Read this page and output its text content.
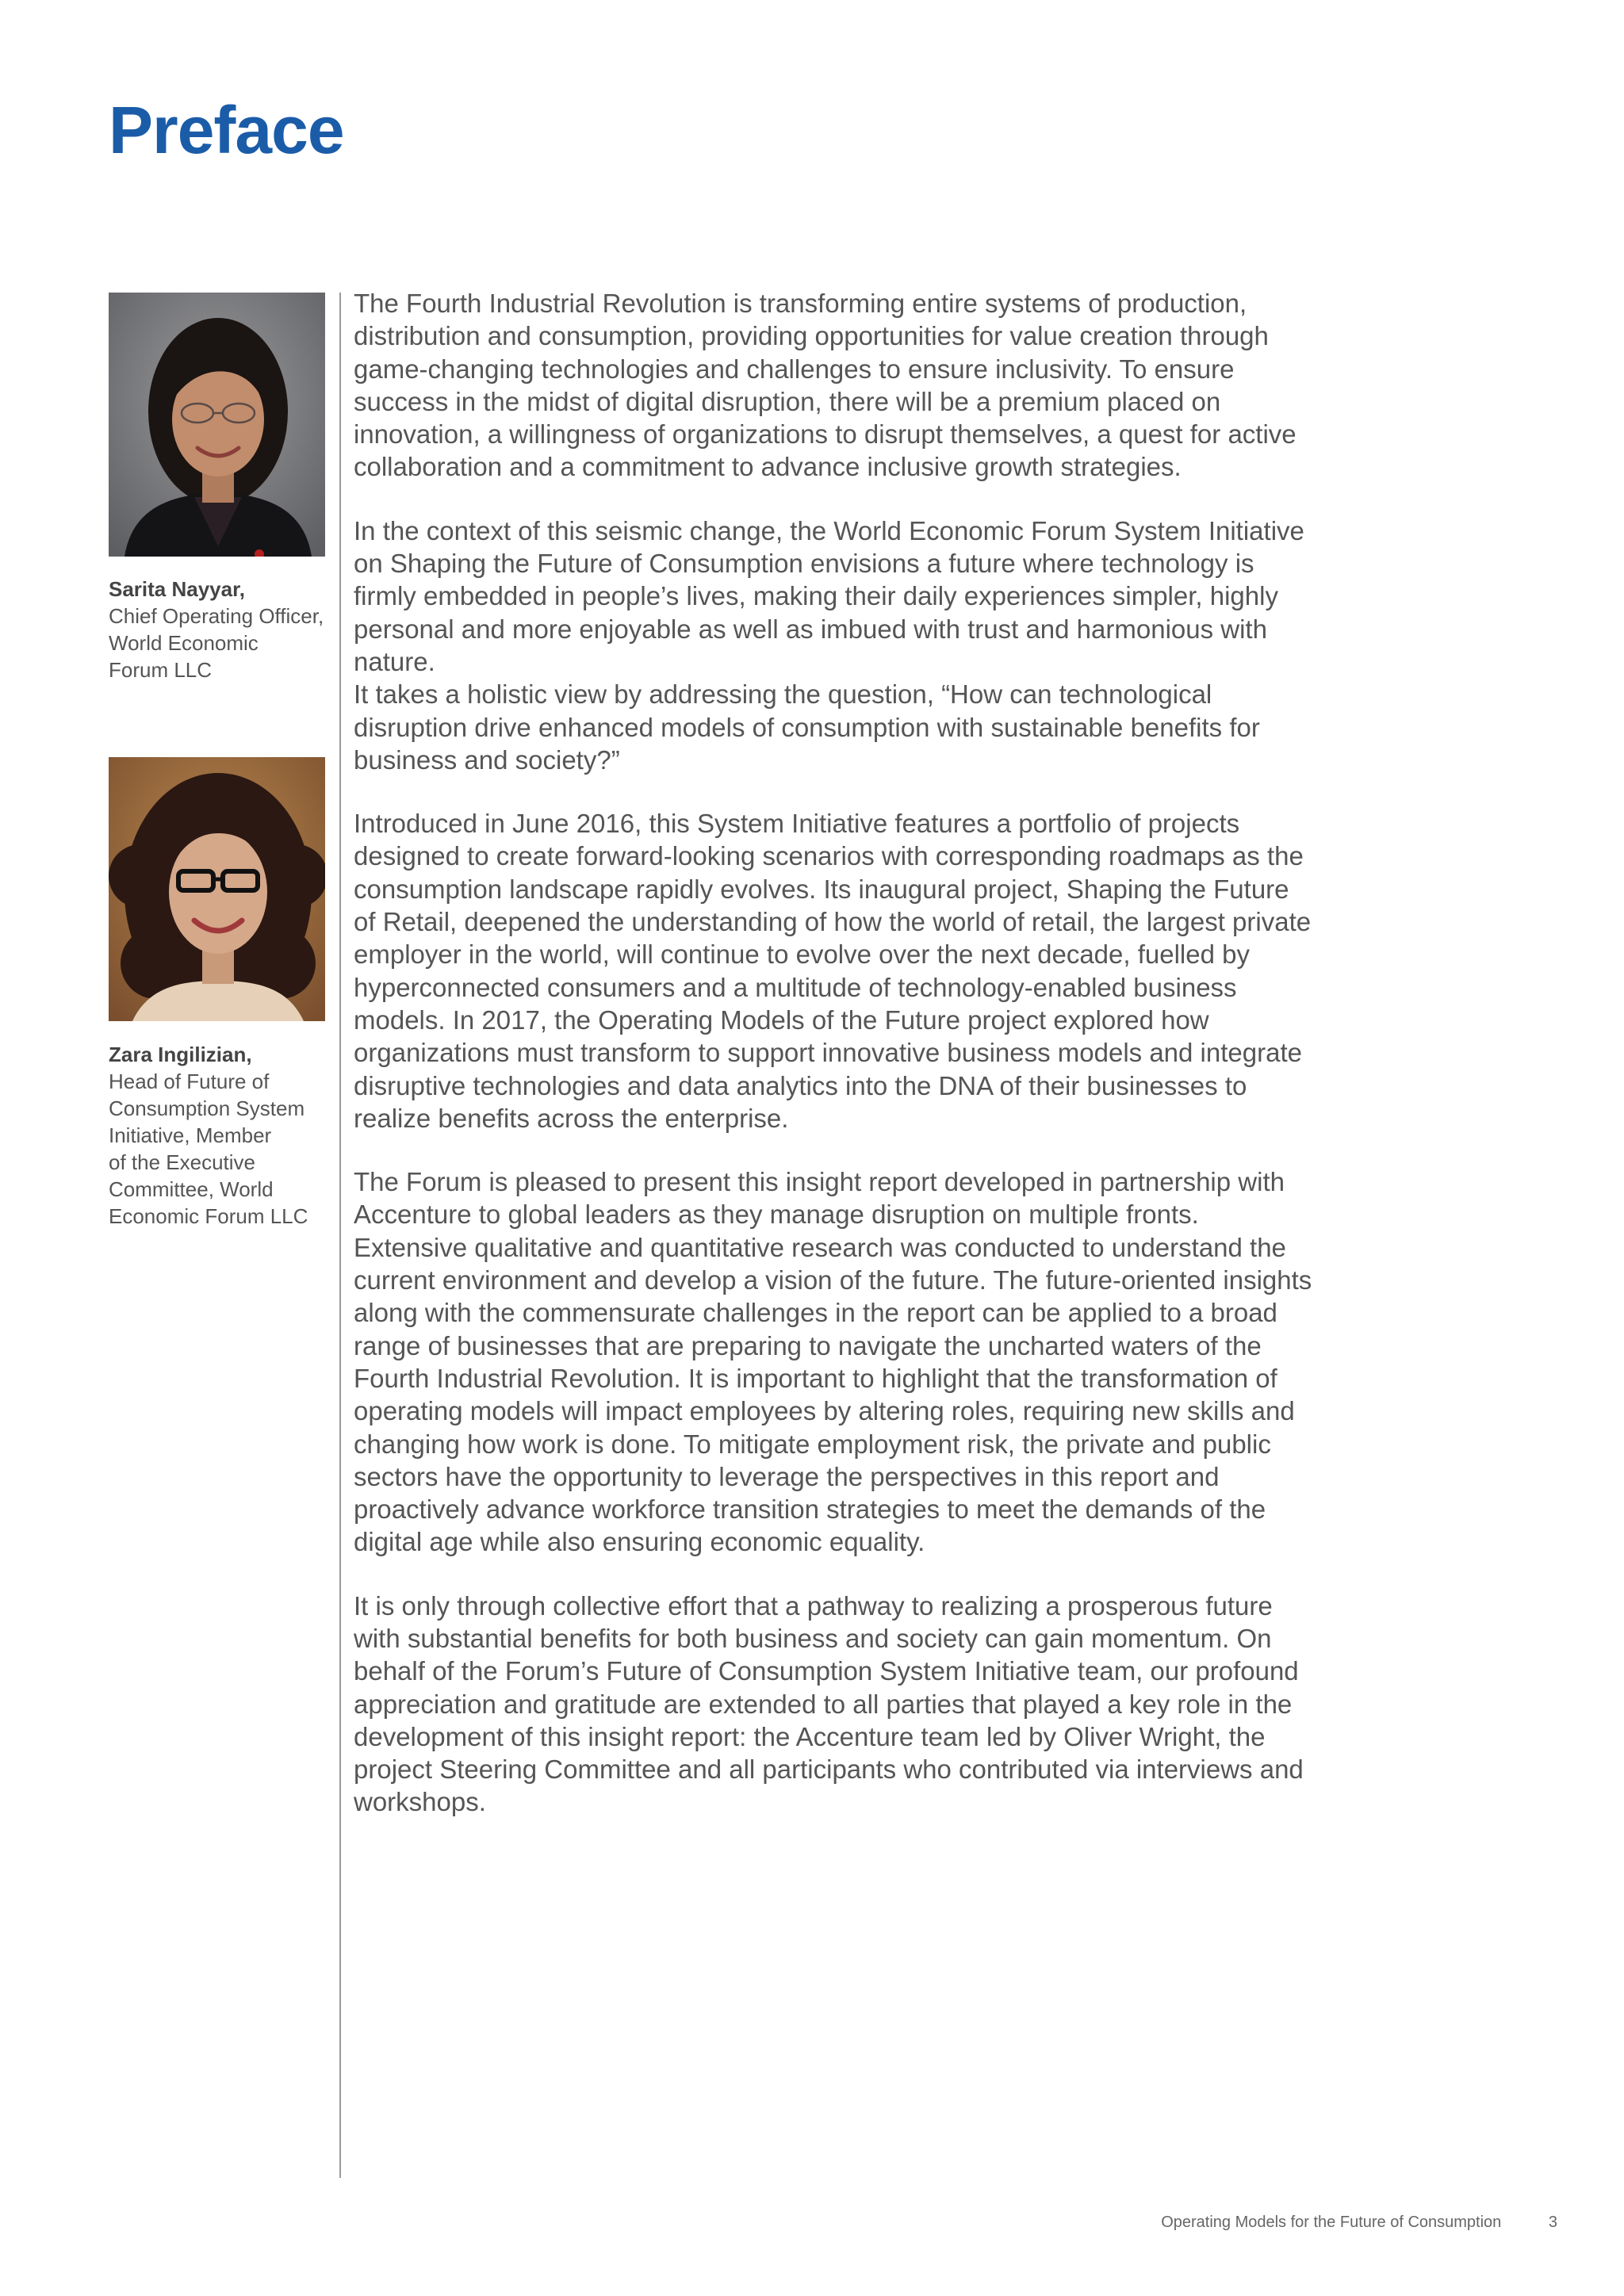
Preface
Sarita Nayyar,
Chief Operating Officer,
World Economic
Forum LLC
Zara Ingilizian,
Head of Future of
Consumption System
Initiative, Member
of the Executive
Committee, World
Economic Forum LLC

The Fourth Industrial Revolution is transforming entire systems of production, distribution and consumption, providing opportunities for value creation through game-changing technologies and challenges to ensure inclusivity. To ensure success in the midst of digital disruption, there will be a premium placed on innovation, a willingness of organizations to disrupt themselves, a quest for active collaboration and a commitment to advance inclusive growth strategies.

In the context of this seismic change, the World Economic Forum System Initiative on Shaping the Future of Consumption envisions a future where technology is firmly embedded in people’s lives, making their daily experiences simpler, highly personal and more enjoyable as well as imbued with trust and harmonious with nature.
It takes a holistic view by addressing the question, “How can technological disruption drive enhanced models of consumption with sustainable benefits for business and society?”

Introduced in June 2016, this System Initiative features a portfolio of projects designed to create forward-looking scenarios with corresponding roadmaps as the consumption landscape rapidly evolves. Its inaugural project, Shaping the Future of Retail, deepened the understanding of how the world of retail, the largest private employer in the world, will continue to evolve over the next decade, fuelled by hyperconnected consumers and a multitude of technology-enabled business models. In 2017, the Operating Models of the Future project explored how organizations must transform to support innovative business models and integrate disruptive technologies and data analytics into the DNA of their businesses to realize benefits across the enterprise.

The Forum is pleased to present this insight report developed in partnership with Accenture to global leaders as they manage disruption on multiple fronts. Extensive qualitative and quantitative research was conducted to understand the current environment and develop a vision of the future. The future-oriented insights along with the commensurate challenges in the report can be applied to a broad range of businesses that are preparing to navigate the uncharted waters of the Fourth Industrial Revolution. It is important to highlight that the transformation of operating models will impact employees by altering roles, requiring new skills and changing how work is done. To mitigate employment risk, the private and public sectors have the opportunity to leverage the perspectives in this report and proactively advance workforce transition strategies to meet the demands of the digital age while also ensuring economic equality.

It is only through collective effort that a pathway to realizing a prosperous future with substantial benefits for both business and society can gain momentum. On behalf of the Forum’s Future of Consumption System Initiative team, our profound appreciation and gratitude are extended to all parties that played a key role in the development of this insight report: the Accenture team led by Oliver Wright, the project Steering Committee and all participants who contributed via interviews and workshops.

Operating Models for the Future of Consumption	3
